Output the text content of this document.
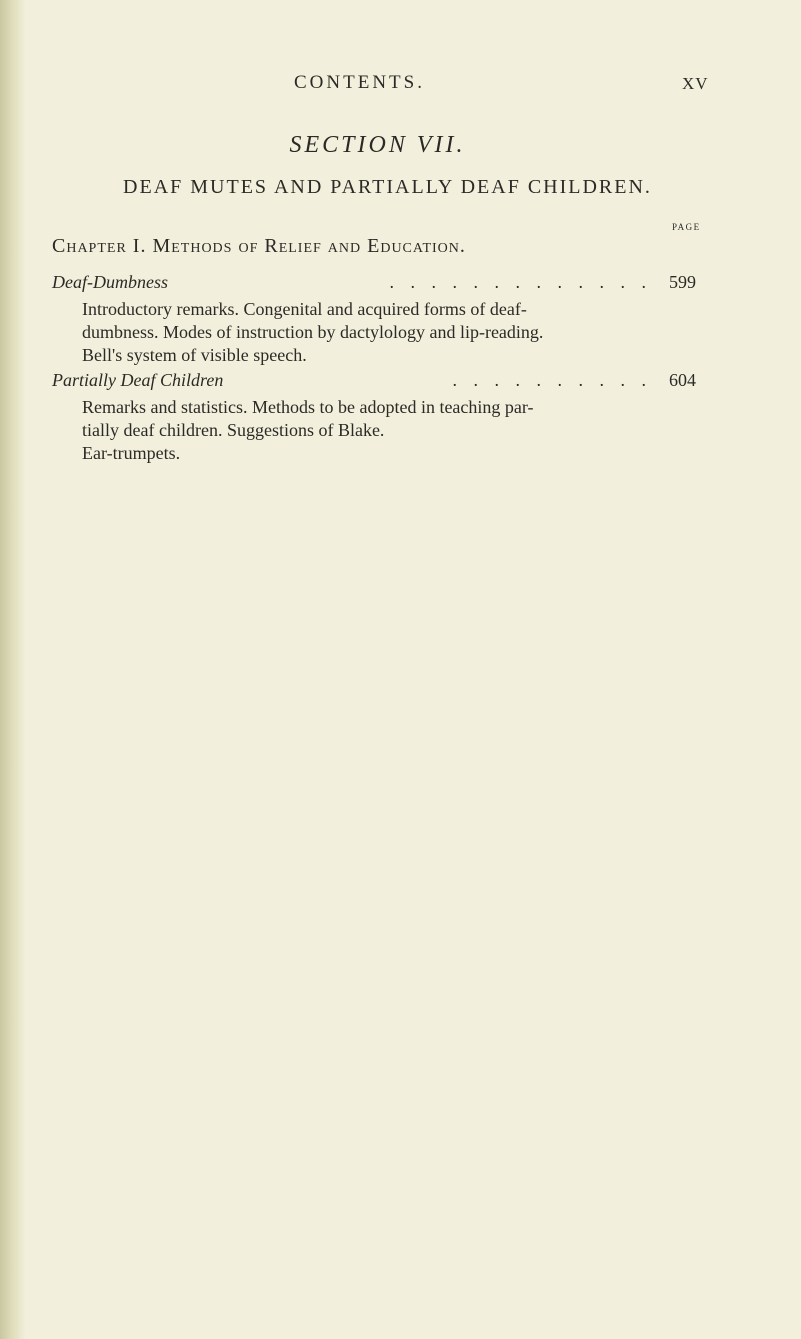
CONTENTS.	XV
SECTION VII.
DEAF MUTES AND PARTIALLY DEAF CHILDREN.
PAGE
Chapter I. Methods of Relief and Education.
Deaf-Dumbness	. . . . . . . . . . . . . 599

Introductory remarks. Congenital and acquired forms of deaf-
dumbness. Modes of instruction by dactylology and lip-reading.
Bell's system of visible speech.

Partially Deaf Children	. . . . . . . . . . 604

Remarks and statistics. Methods to be adopted in teaching par-
tially deaf children. Suggestions of Blake.
Ear-trumpets.
